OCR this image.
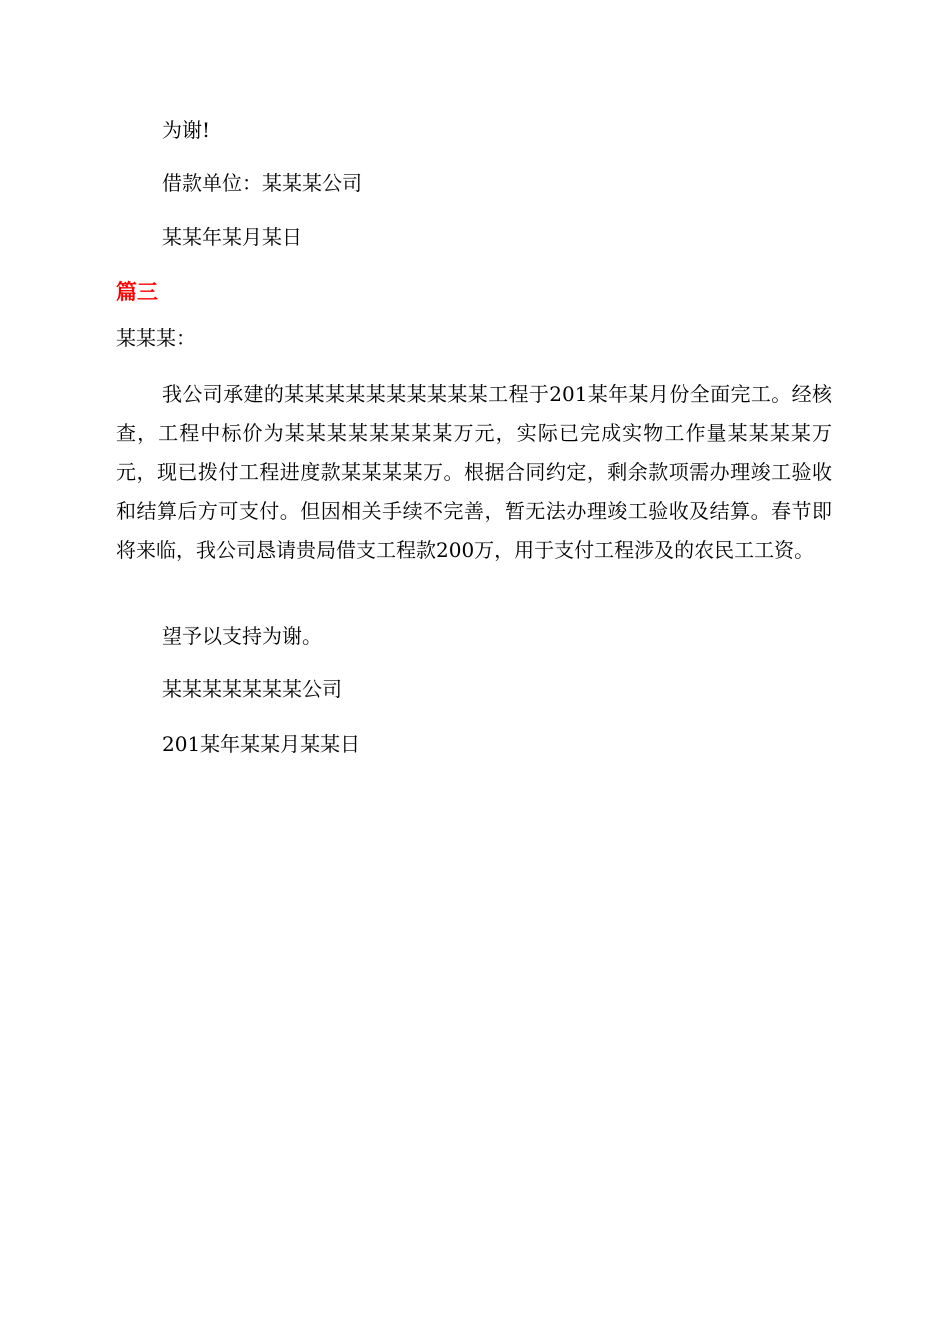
为谢!
借款单位：某某某公司
某某年某月某日
篇三
某某某：
我公司承建的某某某某某某某某某某工程于201某年某月份全面完工。经核查，工程中标价为某某某某某某某某万元，实际已完成实物工作量某某某某万元，现已拨付工程进度款某某某某万。根据合同约定，剩余款项需办理竣工验收和结算后方可支付。但因相关手续不完善，暂无法办理竣工验收及结算。春节即将来临，我公司恳请贵局借支工程款200万，用于支付工程涉及的农民工工资。
望予以支持为谢。
某某某某某某某公司
201某年某某月某某日
